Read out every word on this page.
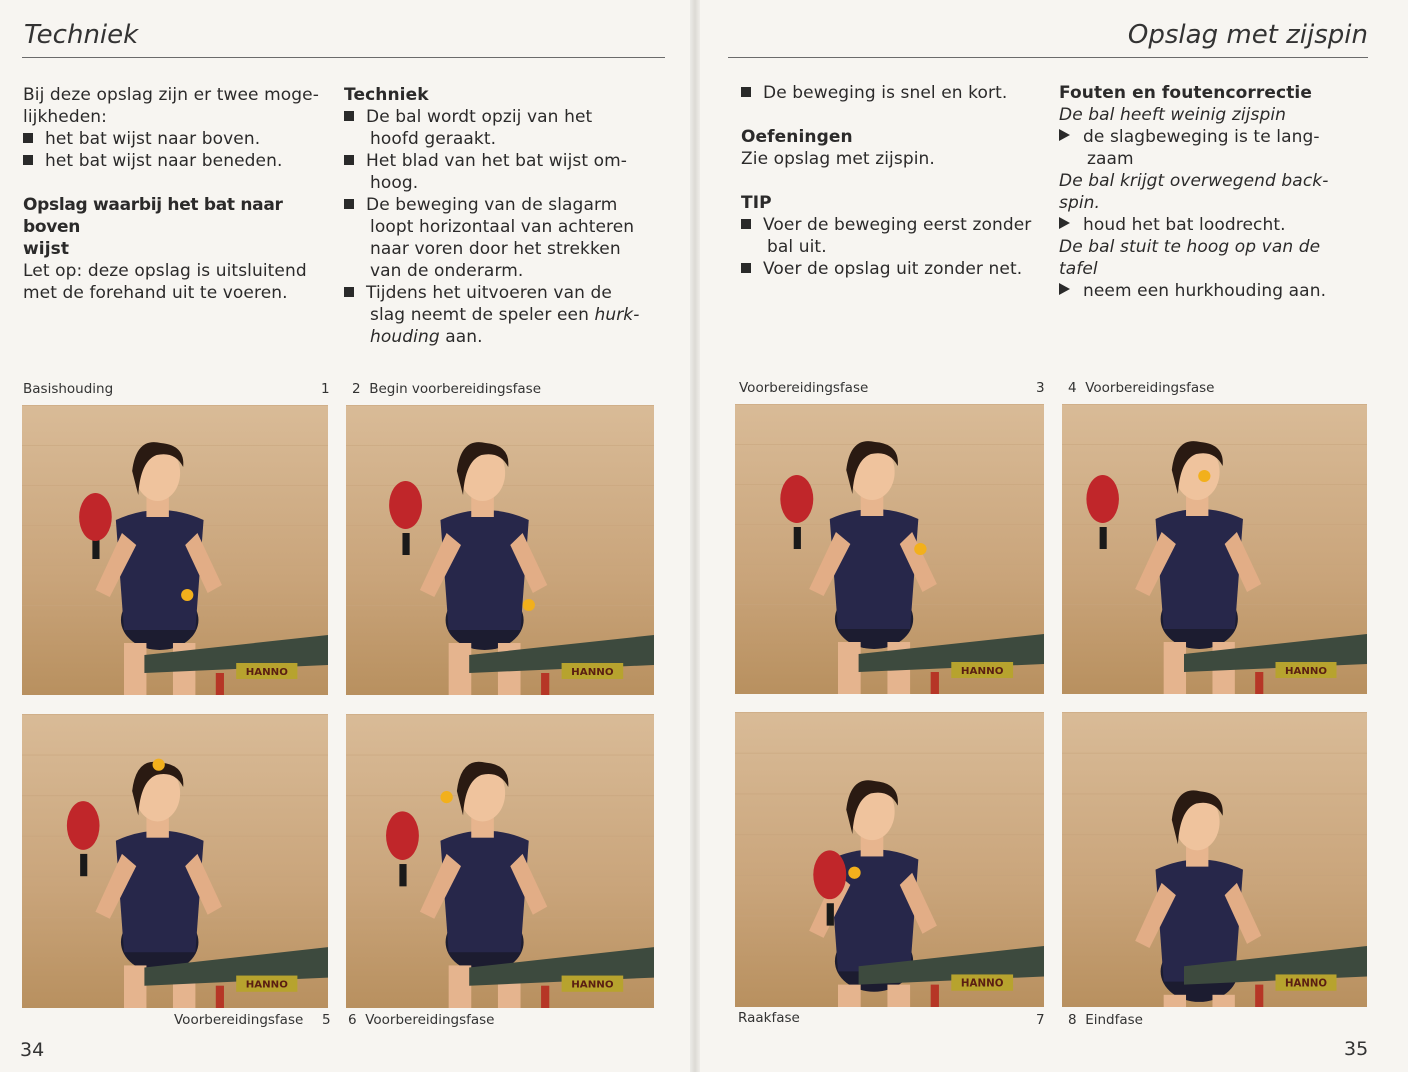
Techniek

Bij deze opslag zijn er twee moge-

lijkheden:

het bat wijst naar boven.

het bat wijst naar beneden.

Opslag waarbij het bat naar boven

wijst

Let op: deze opslag is uitsluitend

met de forehand uit te voeren.

Techniek

De bal wordt opzij van het

hoofd geraakt.

Het blad van het bat wijst om-

hoog.

De beweging van de slagarm

loopt horizontaal van achteren

naar voren door het strekken

van de onderarm.

Tijdens het uitvoeren van de

slag neemt de speler een hurk-

houding aan.

Basishouding	1 2 Begin voorbereidingsfase
HANNO	HANNO
HANNO	HANNO
Voorbereidingsfase 5 6 Voorbereidingsfase
34
Opslag met zijspin

De beweging is snel en kort.

Oefeningen

Zie opslag met zijspin.

TIP

Voer de beweging eerst zonder

bal uit.

Voer de opslag uit zonder net.

Fouten en foutencorrectie

De bal heeft weinig zijspin

de slagbeweging is te lang-

zaam

De bal krijgt overwegend back-

spin.

houd het bat loodrecht.

De bal stuit te hoog op van de

tafel

neem een hurkhouding aan.

Voorbereidingsfase	3 4 Voorbereidingsfase
HANNO	HANNO
HANNO	HANNO
Raakfase	7 8 Eindfase
35
